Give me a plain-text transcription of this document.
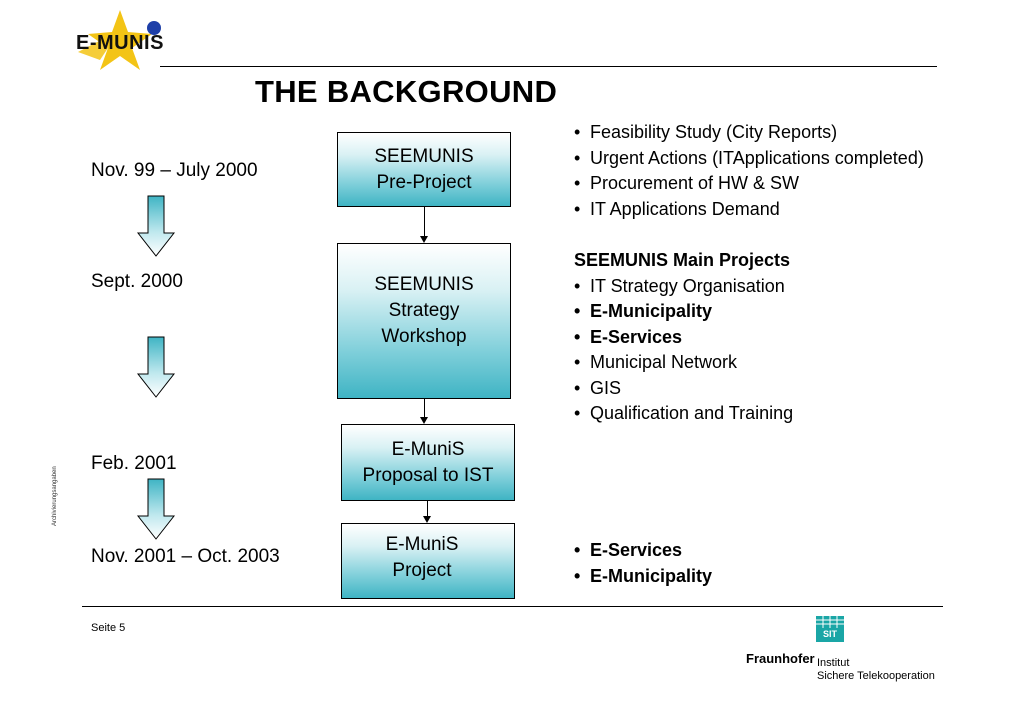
E-MUNIS
THE BACKGROUND
Nov. 99 – July 2000
Sept. 2000
Feb. 2001
Nov. 2001 – Oct. 2003
SEEMUNIS
Pre-Project
SEEMUNIS
Strategy
Workshop
E-MuniS
Proposal to IST
E-MuniS
Project
• Feasibility Study (City Reports)
• Urgent Actions (ITApplications completed)
• Procurement of HW & SW
• IT Applications Demand
SEEMUNIS Main Projects
• IT Strategy Organisation
• E-Municipality
• E-Services
• Municipal Network
• GIS
• Qualification and Training
• E-Services
• E-Municipality
Archivierungsangaben
Seite 5	SIT
Fraunhofer Institut
Sichere Telekooperation
